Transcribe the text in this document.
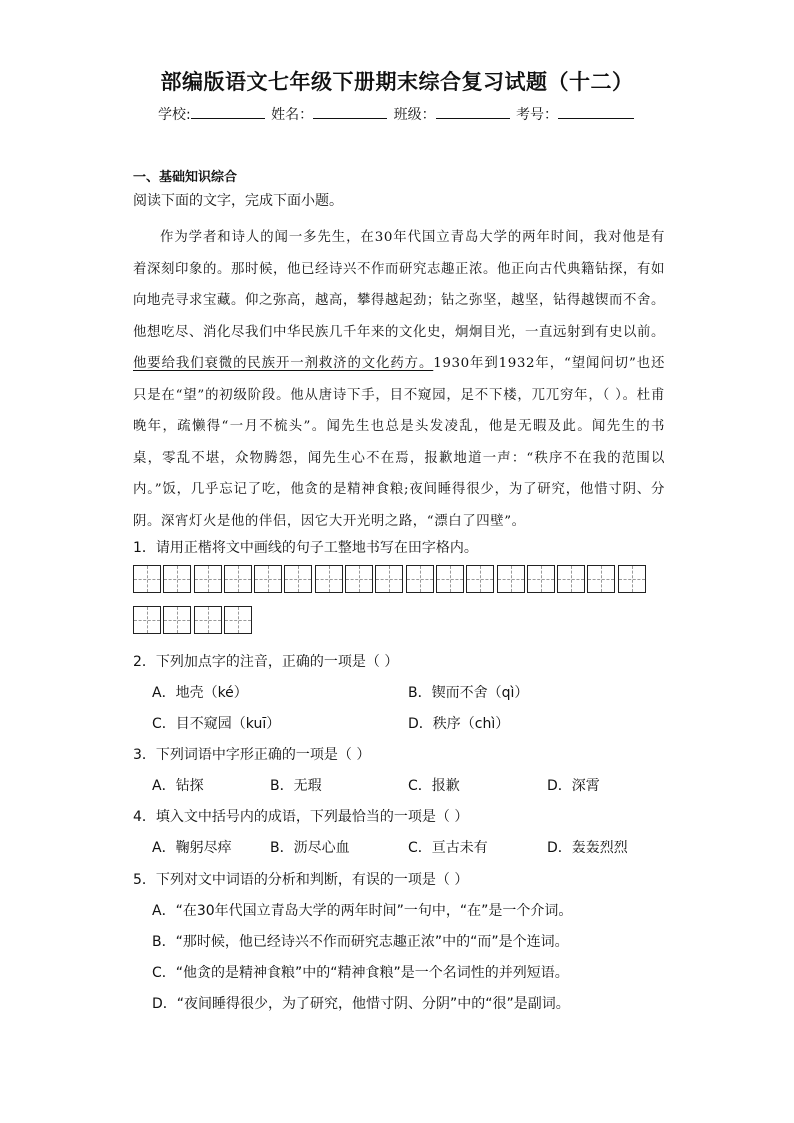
部编版语文七年级下册期末综合复习试题（十二）
学校:	姓名：	班级：	考号：
一、基础知识综合
阅读下面的文字，完成下面小题。

作为学者和诗人的闻一多先生，在30年代国立青岛大学的两年时间，我对他是有着深刻印象的。那时候，他已经诗兴不作而研究志趣正浓。他正向古代典籍钻探，有如向地壳寻求宝藏。仰之弥高，越高，攀得越起劲；钻之弥坚，越坚，钻得越锲而不舍。他想吃尽、消化尽我们中华民族几千年来的文化史，炯炯目光，一直远射到有史以前。他要给我们衰微的民族开一剂救济的文化药方。1930年到1932年，“望闻问切”也还只是在“望”的初级阶段。他从唐诗下手，目不窥园，足不下楼，兀兀穷年，（ ）。杜甫晚年，疏懒得“一月不梳头”。闻先生也总是头发凌乱，他是无暇及此。闻先生的书桌，零乱不堪，众物腾怨，闻先生心不在焉，报歉地道一声：“秩序不在我的范围以内。”饭，几乎忘记了吃，他贪的是精神食粮;夜间睡得很少，为了研究，他惜寸阴、分阴。深宵灯火是他的伴侣，因它大开光明之路，“漂白了四壁”。

1．请用正楷将文中画线的句子工整地书写在田字格内。
2．下列加点字的注音，正确的一项是（ ）
A．地壳（ké）	B．锲而不舍（qì）
C．目不窥园（kuī）	D．秩序（chì）
3．下列词语中字形正确的一项是（ ）
A．钻探	B．无瑕	C．报歉	D．深霄
4．填入文中括号内的成语，下列最恰当的一项是（ ）
A．鞠躬尽瘁	B．沥尽心血	C．亘古未有	D．轰轰烈烈
5．下列对文中词语的分析和判断，有误的一项是（ ）
A．“在30年代国立青岛大学的两年时间”一句中，“在”是一个介词。
B．“那时候，他已经诗兴不作而研究志趣正浓”中的“而”是个连词。
C．“他贪的是精神食粮”中的“精神食粮”是一个名词性的并列短语。
D．“夜间睡得很少，为了研究，他惜寸阴、分阴”中的“很”是副词。
